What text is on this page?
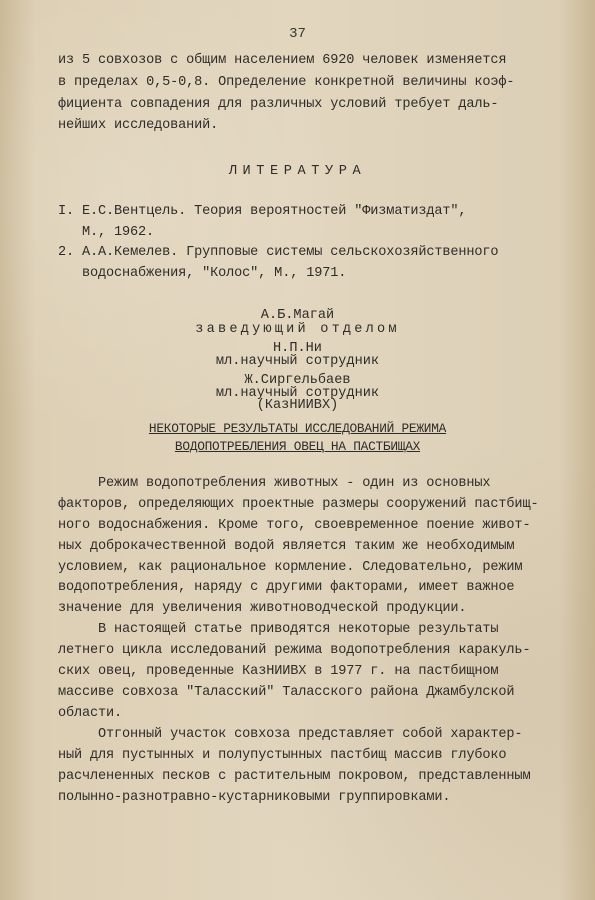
37
из 5 совхозов с общим населением 6920 человек изменяется
в пределах 0,5-0,8. Определение конкретной величины коэф-
фициента совпадения для различных условий требует даль-
нейших исследований.
ЛИТЕРАТУРА
I. Е.С.Вентцель. Теория вероятностей "Физматиздат",
М., 1962.
2. А.А.Кемелев. Групповые системы сельскохозяйственного
водоснабжения, "Колос", М., 1971.
А.Б.Магай
заведующий отделом
Н.П.Ни
мл.научный сотрудник
Ж.Сиргельбаев
мл.научный сотрудник
(КазНИИВХ)
НЕКОТОРЫЕ РЕЗУЛЬТАТЫ ИССЛЕДОВАНИЙ РЕЖИМА
ВОДОПОТРЕБЛЕНИЯ ОВЕЦ НА ПАСТБИЩАХ
Режим водопотребления животных - один из основных
факторов, определяющих проектные размеры сооружений пастбищ-
ного водоснабжения. Кроме того, своевременное поение живот-
ных доброкачественной водой является таким же необходимым
условием, как рациональное кормление. Следовательно, режим
водопотребления, наряду с другими факторами, имеет важное
значение для увеличения животноводческой продукции.
В настоящей статье приводятся некоторые результаты
летнего цикла исследований режима водопотребления каракуль-
ских овец, проведенные КазНИИВХ в 1977 г. на пастбищном
массиве совхоза "Таласский" Таласского района Джамбулской
области.
Отгонный участок совхоза представляет собой характер-
ный для пустынных и полупустынных пастбищ массив глубоко
расчлененных песков с растительным покровом, представленным
полынно-разнотравно-кустарниковыми группировками.
